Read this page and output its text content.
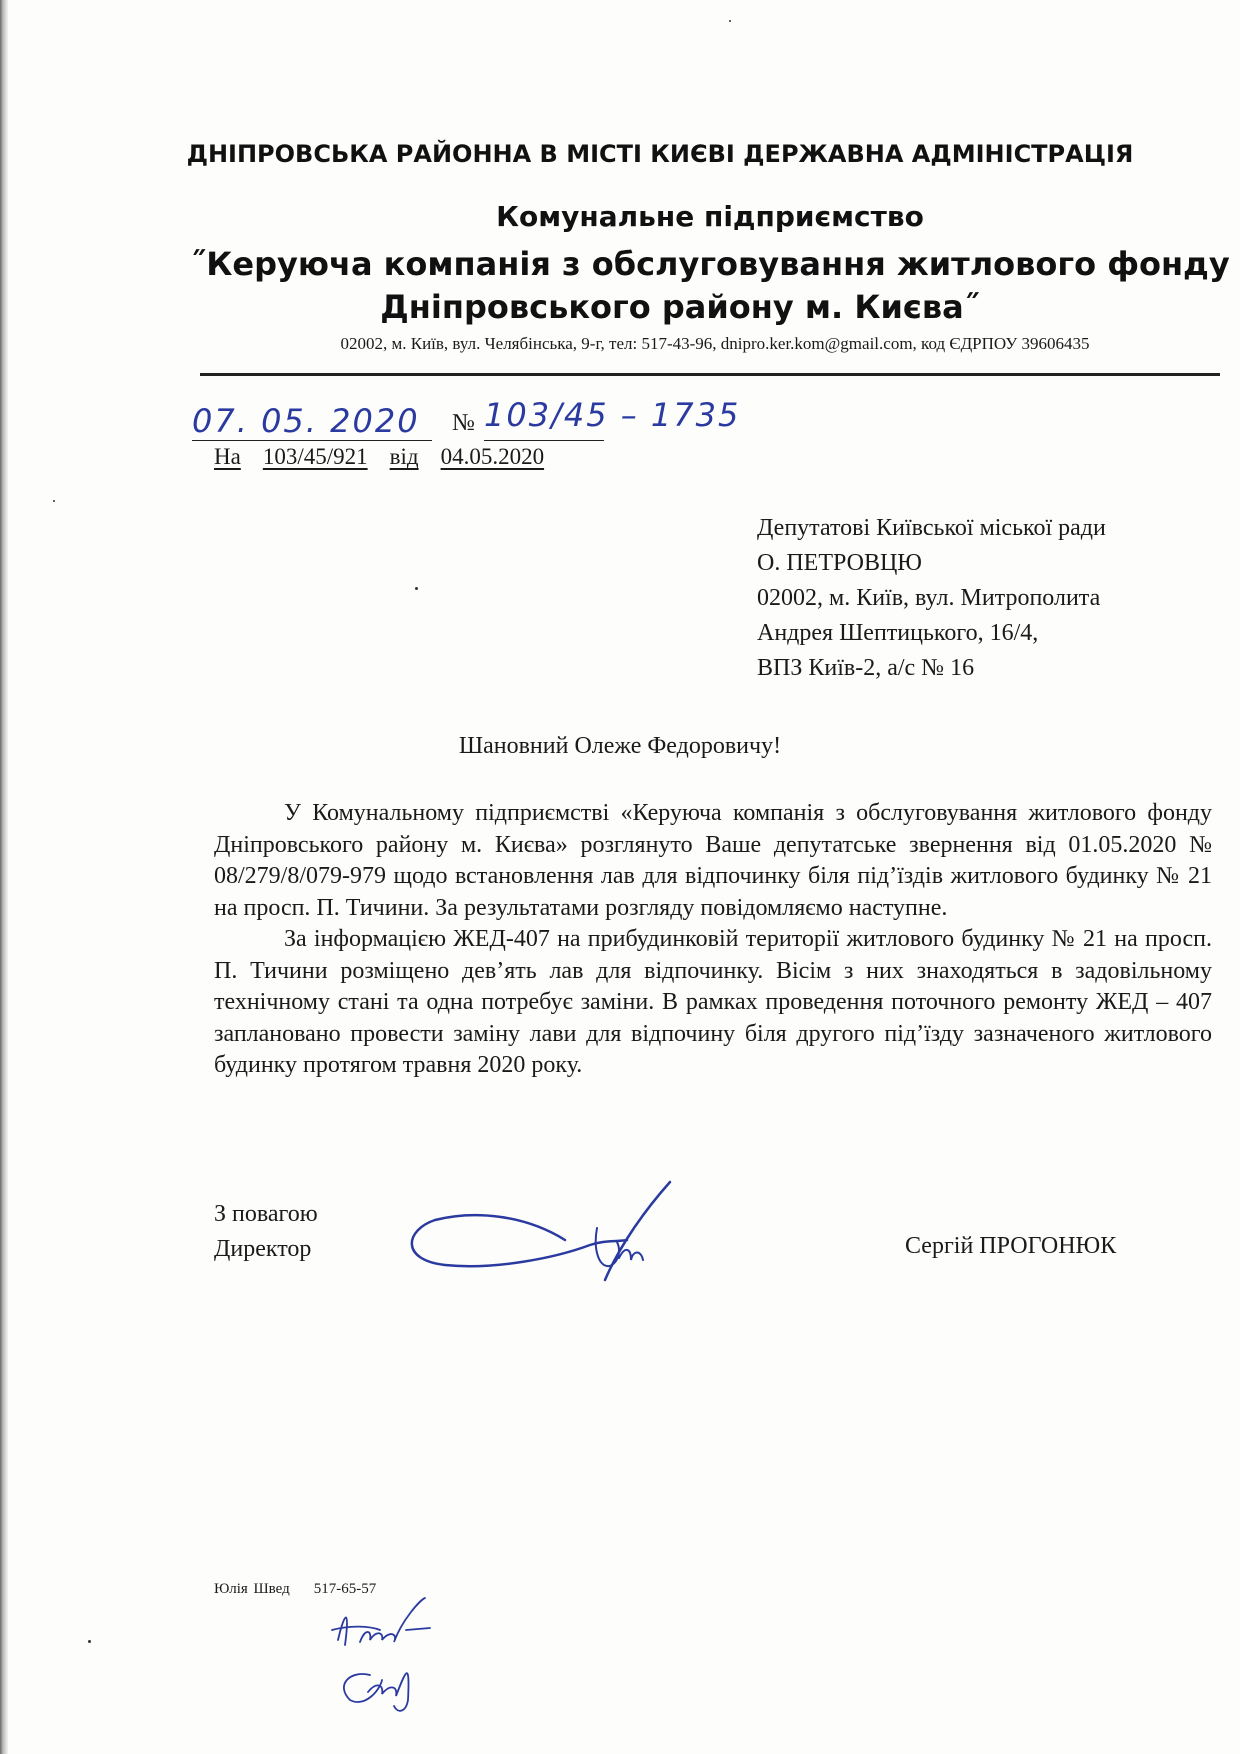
ДНІПРОВСЬКА РАЙОННА В МІСТІ КИЄВІ ДЕРЖАВНА АДМІНІСТРАЦІЯ
Комунальне підприємство
˝Керуюча компанія з обслуговування житлового фонду
Дніпровського району м. Києва˝
02002, м. Київ, вул. Челябінська, 9-г, тел: 517-43-96, dnipro.ker.kom@gmail.com, код ЄДРПОУ 39606435
07. 05. 2020 № 103/45 – 1735
На 103/45/921 від 04.05.2020
Депутатові Київської міської ради
О. ПЕТРОВЦЮ
02002, м. Київ, вул. Митрополита
Андрея Шептицького, 16/4,
ВПЗ Київ-2, а/с № 16
Шановний Олеже Федоровичу!

У Комунальному підприємстві «Керуюча компанія з обслуговування житлового фонду Дніпровського району м. Києва» розглянуто Ваше депутатське звернення від 01.05.2020 № 08/279/8/079-979 щодо встановлення лав для відпочинку біля під’їздів житлового будинку № 21 на просп. П. Тичини. За результатами розгляду повідомляємо наступне.

За інформацією ЖЕД-407 на прибудинковій території житлового будинку № 21 на просп. П. Тичини розміщено дев’ять лав для відпочинку. Вісім з них знаходяться в задовільному технічному стані та одна потребує заміни. В рамках проведення поточного ремонту ЖЕД – 407 заплановано провести заміну лави для відпочину біля другого під’їзду зазначеного житлового будинку протягом травня 2020 року.

З повагою
Директор	Сергій ПРОГОНЮК
Юлія Швед 517-65-57
